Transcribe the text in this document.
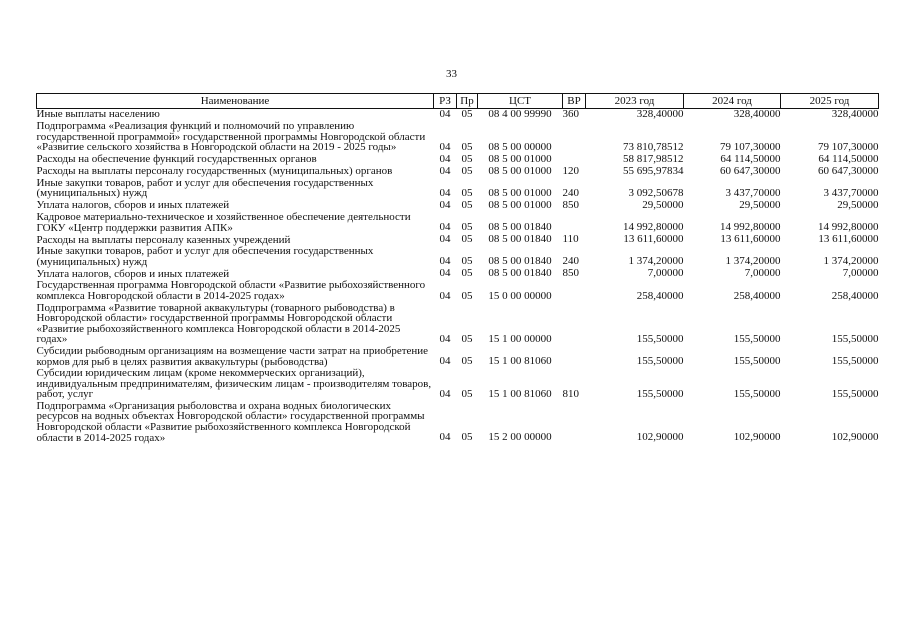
33
Наименование	РЗ	Пр	ЦСТ	ВР	2023 год	2024 год	2025 год
Иные выплаты населению	04	05	08 4 00 99990	360	328,40000	328,40000	328,40000
Подпрограмма «Реализация функций и полномочий по управлению государственной программой» государственной программы Новгородской области «Развитие сельского хозяйства в Новгородской области на 2019 - 2025 годы»	04	05	08 5 00 00000		73 810,78512	79 107,30000	79 107,30000
Расходы на обеспечение функций государственных органов	04	05	08 5 00 01000		58 817,98512	64 114,50000	64 114,50000
Расходы на выплаты персоналу государственных (муниципальных) органов	04	05	08 5 00 01000	120	55 695,97834	60 647,30000	60 647,30000
Иные закупки товаров, работ и услуг для обеспечения государственных (муниципальных) нужд	04	05	08 5 00 01000	240	3 092,50678	3 437,70000	3 437,70000
Уплата налогов, сборов и иных платежей	04	05	08 5 00 01000	850	29,50000	29,50000	29,50000
Кадровое материально-техническое и хозяйственное обеспечение деятельности ГОКУ «Центр поддержки развития АПК»	04	05	08 5 00 01840		14 992,80000	14 992,80000	14 992,80000
Расходы на выплаты персоналу казенных учреждений	04	05	08 5 00 01840	110	13 611,60000	13 611,60000	13 611,60000
Иные закупки товаров, работ и услуг для обеспечения государственных (муниципальных) нужд	04	05	08 5 00 01840	240	1 374,20000	1 374,20000	1 374,20000
Уплата налогов, сборов и иных платежей	04	05	08 5 00 01840	850	7,00000	7,00000	7,00000
Государственная программа Новгородской области «Развитие рыбохозяйственного комплекса Новгородской области в 2014-2025 годах»	04	05	15 0 00 00000		258,40000	258,40000	258,40000
Подпрограмма «Развитие товарной аквакультуры (товарного рыбоводства) в Новгородской области» государственной программы Новгородской области «Развитие рыбохозяйственного комплекса Новгородской области в 2014-2025 годах»	04	05	15 1 00 00000		155,50000	155,50000	155,50000
Субсидии рыбоводным организациям на возмещение части затрат на приобретение кормов для рыб в целях развития аквакультуры (рыбоводства)	04	05	15 1 00 81060		155,50000	155,50000	155,50000
Субсидии юридическим лицам (кроме некоммерческих организаций), индивидуальным предпринимателям, физическим лицам - производителям товаров, работ, услуг	04	05	15 1 00 81060	810	155,50000	155,50000	155,50000
Подпрограмма «Организация рыболовства и охрана водных биологических ресурсов на водных объектах Новгородской области» государственной программы Новгородской области «Развитие рыбохозяйственного комплекса Новгородской области в 2014-2025 годах»	04	05	15 2 00 00000		102,90000	102,90000	102,90000
